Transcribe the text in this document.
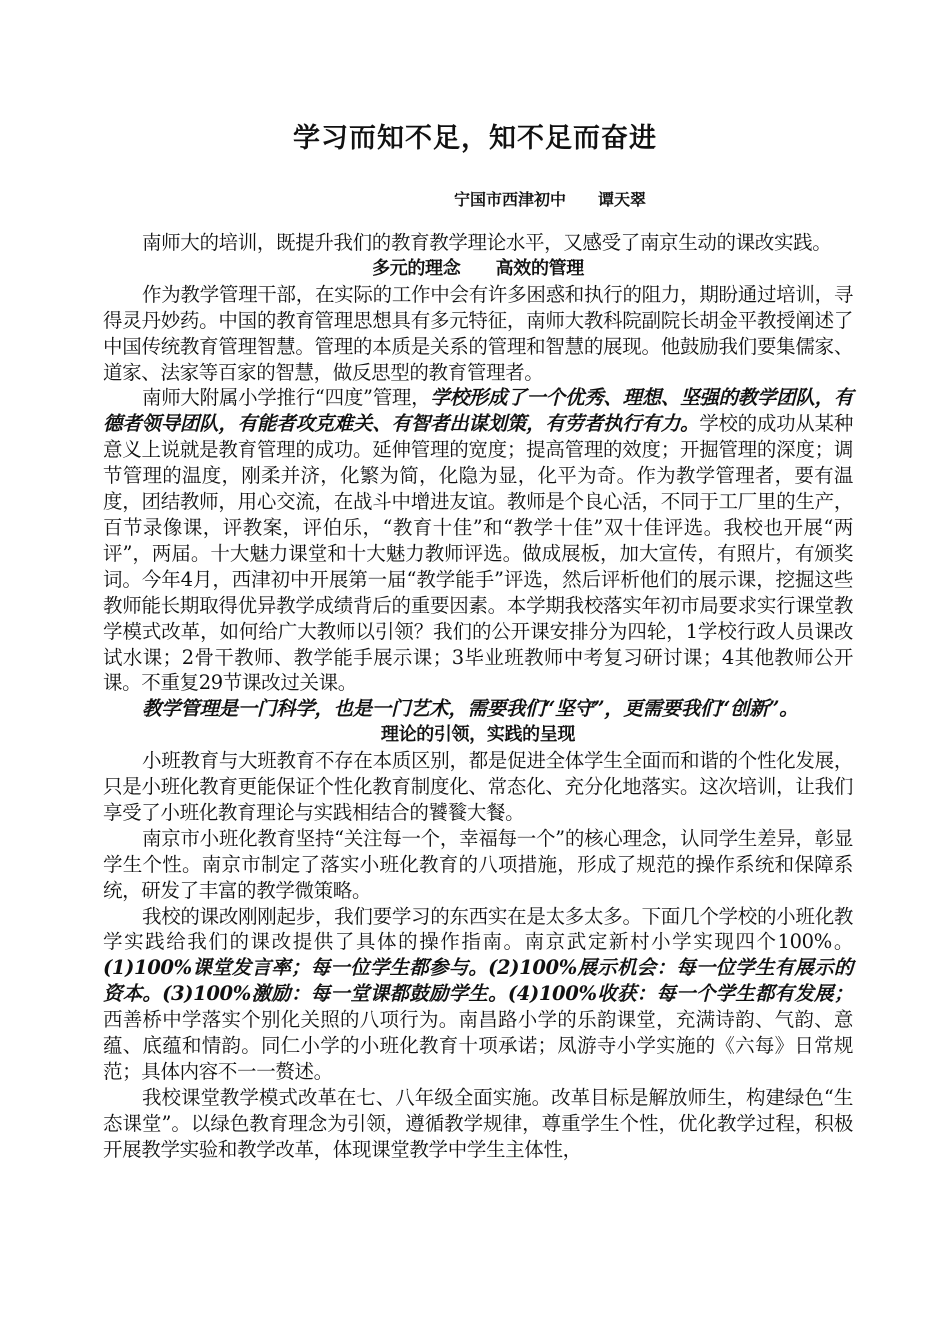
学习而知不足，知不足而奋进
宁国市西津初中　　谭天翠

南师大的培训，既提升我们的教育教学理论水平，又感受了南京生动的课改实践。

多元的理念　　高效的管理

作为教学管理干部，在实际的工作中会有许多困惑和执行的阻力，期盼通过培训，寻得灵丹妙药。中国的教育管理思想具有多元特征，南师大教科院副院长胡金平教授阐述了中国传统教育管理智慧。管理的本质是关系的管理和智慧的展现。他鼓励我们要集儒家、道家、法家等百家的智慧，做反思型的教育管理者。

南师大附属小学推行“四度”管理，学校形成了一个优秀、理想、坚强的教学团队，有德者领导团队，有能者攻克难关、有智者出谋划策，有劳者执行有力。学校的成功从某种意义上说就是教育管理的成功。延伸管理的宽度；提高管理的效度；开掘管理的深度；调节管理的温度，刚柔并济，化繁为简，化隐为显，化平为奇。作为教学管理者，要有温度，团结教师，用心交流，在战斗中增进友谊。教师是个良心活，不同于工厂里的生产，百节录像课，评教案，评伯乐，“教育十佳”和“教学十佳”双十佳评选。我校也开展“两评”，两届。十大魅力课堂和十大魅力教师评选。做成展板，加大宣传，有照片，有颁奖词。今年4月，西津初中开展第一届“教学能手”评选，然后评析他们的展示课，挖掘这些教师能长期取得优异教学成绩背后的重要因素。本学期我校落实年初市局要求实行课堂教学模式改革，如何给广大教师以引领？我们的公开课安排分为四轮，1学校行政人员课改试水课；2骨干教师、教学能手展示课；3毕业班教师中考复习研讨课；4其他教师公开课。不重复29节课改过关课。

教学管理是一门科学，也是一门艺术，需要我们“坚守”，更需要我们“创新”。

理论的引领，实践的呈现

小班教育与大班教育不存在本质区别，都是促进全体学生全面而和谐的个性化发展，只是小班化教育更能保证个性化教育制度化、常态化、充分化地落实。这次培训，让我们享受了小班化教育理论与实践相结合的饕餮大餐。

南京市小班化教育坚持“关注每一个，幸福每一个”的核心理念，认同学生差异，彰显学生个性。南京市制定了落实小班化教育的八项措施，形成了规范的操作系统和保障系统，研发了丰富的教学微策略。

我校的课改刚刚起步，我们要学习的东西实在是太多太多。下面几个学校的小班化教学实践给我们的课改提供了具体的操作指南。南京武定新村小学实现四个100%。(1)100%课堂发言率；每一位学生都参与。(2)100%展示机会：每一位学生有展示的资本。(3)100%激励：每一堂课都鼓励学生。(4)100%收获：每一个学生都有发展；西善桥中学落实个别化关照的八项行为。南昌路小学的乐韵课堂，充满诗韵、气韵、意蕴、底蕴和情韵。同仁小学的小班化教育十项承诺；凤游寺小学实施的《六每》日常规范；具体内容不一一赘述。

我校课堂教学模式改革在七、八年级全面实施。改革目标是解放师生，构建绿色“生态课堂”。以绿色教育理念为引领，遵循教学规律，尊重学生个性，优化教学过程，积极开展教学实验和教学改革，体现课堂教学中学生主体性，
